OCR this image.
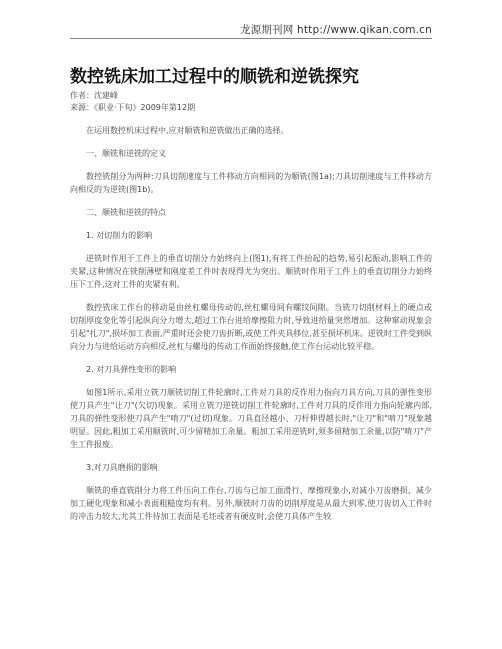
龙源期刊网 http://www.qikan.com.cn
数控铣床加工过程中的顺铣和逆铣探究
作者：沈建峰
来源：《职业·下旬》2009年第12期

在运用数控机床过程中,应对顺铣和逆铣做出正确的选择。

一、顺铣和逆铣的定义

数控铣削分为两种:刀具切削速度与工件移动方向相同的为顺铣(图1a);刀具切削速度与工件移动方向相反的为逆铣(图1b)。

二、顺铣和逆铣的特点

1. 对切削力的影响

逆铣时作用于工件上的垂直切削分力始终向上(图1),有将工件抬起的趋势,易引起振动,影响工件的夹紧,这种情况在铣削薄壁和刚度差工件时表现得尤为突出。顺铣时作用于工件上的垂直切削分力始终压下工件,这对工件的夹紧有利。

数控铣床工作台的移动是由丝杠螺母传动的,丝杠螺母间有螺纹间隙。当铣刀切削材料上的硬点或切削厚度变化等引起纵向分力增大,超过工作台进给摩擦阻力时,导致进给量突然增加。这种窜动现象会引起"扎刀",损坏加工表面,严重时还会使刀齿折断,或使工件夹具移位,甚至损坏机床。逆铣时工件受到纵向分力与进给运动方向相反,丝杠与螺母的传动工作面始终接触,使工作台运动比较平稳。

2. 对刀具弹性变形的影响

如图1所示,采用立铣刀顺铣切削工件轮廓时,工件对刀具的反作用力指向刀具方向,刀具的弹性变形使刀具产生"让刀"(欠切)现象。采用立铣刀逆铣切削工件轮廓时,工件对刀具的反作用力指向轮廓内部,刀具的弹性变形使刀具产生"啃刀"(过切)现象。刀具直径越小、刀杆伸得越长时,"让刀"和"啃刀"现象越明显。因此,粗加工采用顺铣时,可少留精加工余量。粗加工采用逆铣时,须多留精加工余量,以防"啃刀"产生工件报废。

3.对刀具磨损的影响

顺铣的垂直铣削分力将工件压向工作台,刀齿与已加工面滑行、摩擦现象小,对减小刀齿磨损、减少加工硬化现象和减小表面粗糙度均有利。另外,顺铣时刀齿的切削厚度是从最大到零,使刀齿切入工件时的冲击力较大,尤其工件待加工表面是毛坯或者有硬皮时,会使刀具体产生较
